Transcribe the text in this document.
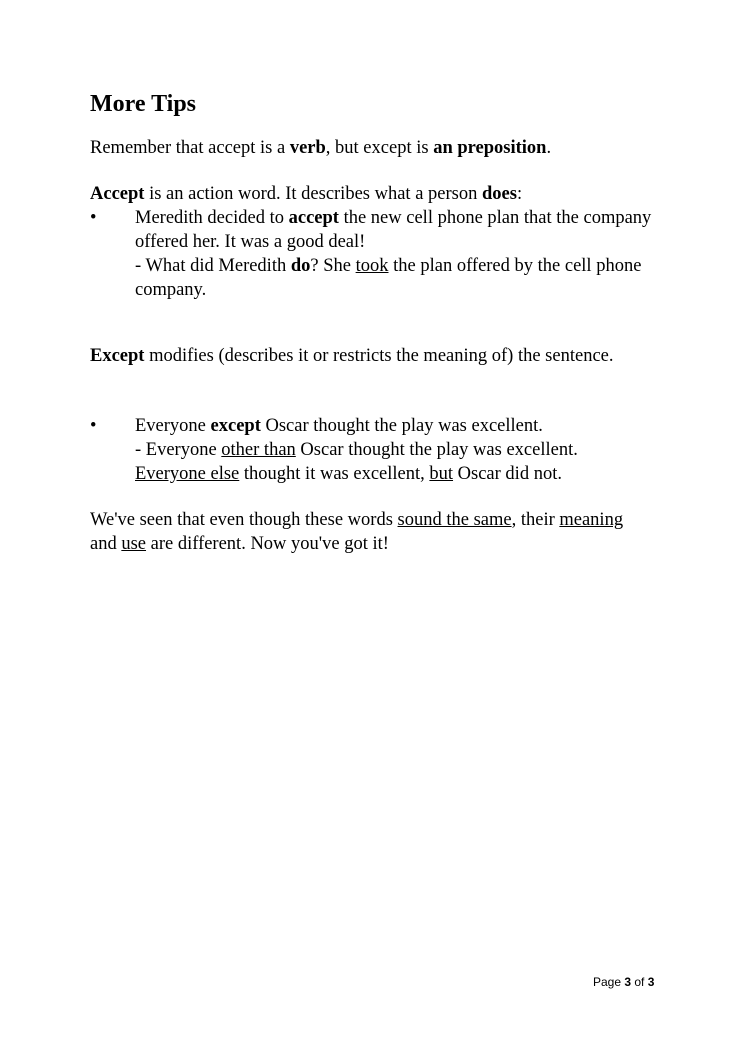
More Tips

Remember that accept is a verb, but except is an preposition.

Accept is an action word. It describes what a person does:

•	Meredith decided to accept the new cell phone plan that the company offered her. It was a good deal!
- What did Meredith do? She took the plan offered by the cell phone company.

Except modifies (describes it or restricts the meaning of) the sentence.

•	Everyone except Oscar thought the play was excellent.
- Everyone other than Oscar thought the play was excellent.
Everyone else thought it was excellent, but Oscar did not.

We've seen that even though these words sound the same, their meaning and use are different. Now you've got it!

Page 3 of 3
